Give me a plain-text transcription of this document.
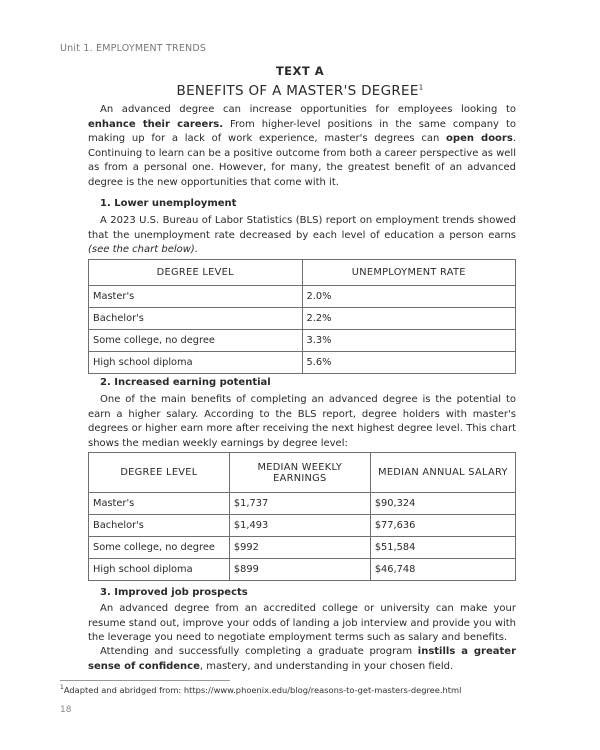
Unit 1. EMPLOYMENT TRENDS
TEXT A
BENEFITS OF A MASTER'S DEGREE$^1$
An advanced degree can increase opportunities for employees looking to enhance their careers. From higher-level positions in the same company to making up for a lack of work experience, master's degrees can open doors. Continuing to learn can be a positive outcome from both a career perspective as well as from a personal one. However, for many, the greatest benefit of an advanced degree is the new opportunities that come with it.
1. Lower unemployment
A 2023 U.S. Bureau of Labor Statistics (BLS) report on employment trends showed that the unemployment rate decreased by each level of education a person earns (see the chart below).
DEGREE LEVEL	UNEMPLOYMENT RATE
Master's	2.0%
Bachelor's	2.2%
Some college, no degree	3.3%
High school diploma	5.6%
2. Increased earning potential
One of the main benefits of completing an advanced degree is the potential to earn a higher salary. According to the BLS report, degree holders with master's degrees or higher earn more after receiving the next highest degree level. This chart shows the median weekly earnings by degree level:
DEGREE LEVEL	MEDIAN WEEKLY EARNINGS	MEDIAN ANNUAL SALARY
Master's	$1,737	$90,324
Bachelor's	$1,493	$77,636
Some college, no degree	$992	$51,584
High school diploma	$899	$46,748
3. Improved job prospects
An advanced degree from an accredited college or university can make your resume stand out, improve your odds of landing a job interview and provide you with the leverage you need to negotiate employment terms such as salary and benefits.
Attending and successfully completing a graduate program instills a greater sense of confidence, mastery, and understanding in your chosen field.
$^1$Adapted and abridged from: https://www.phoenix.edu/blog/reasons-to-get-masters-degree.html
18
